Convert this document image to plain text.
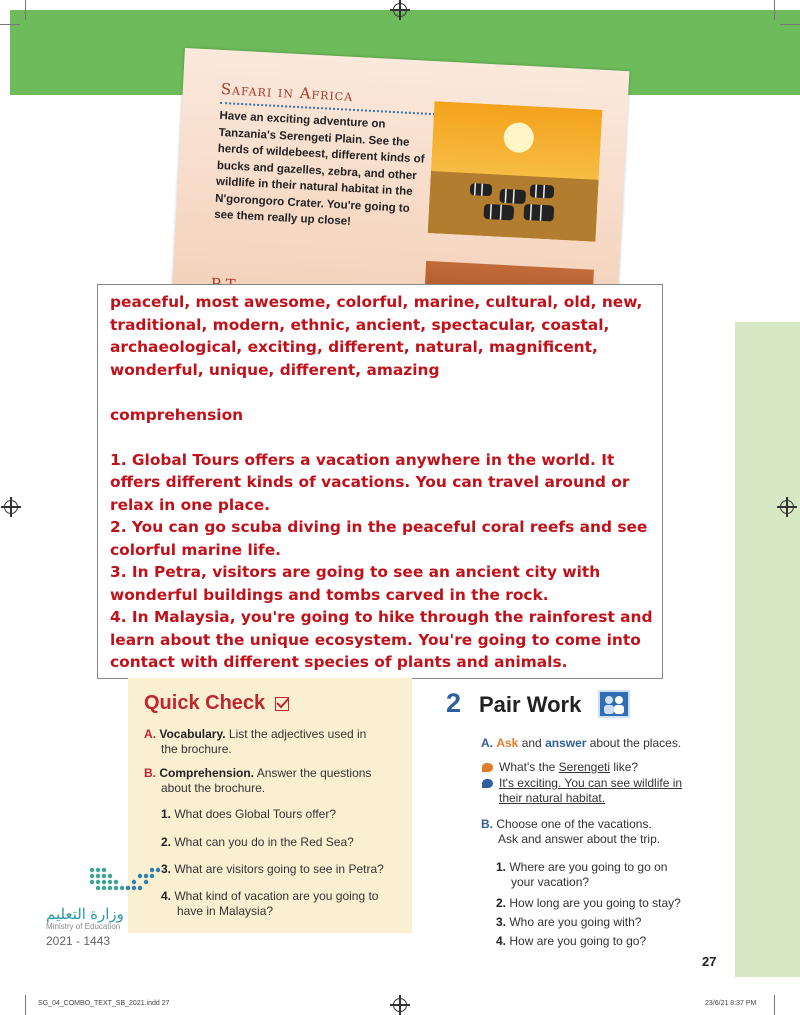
Safari in Africa
Have an exciting adventure on Tanzania's Serengeti Plain. See the herds of wildebeest, different kinds of bucks and gazelles, zebra, and other wildlife in their natural habitat in the N'gorongoro Crater. You're going to see them really up close!

peaceful, most awesome, colorful, marine, cultural, old, new, traditional, modern, ethnic, ancient, spectacular, coastal, archaeological, exciting, different, natural, magnificent, wonderful, unique, different, amazing

comprehension

1. Global Tours offers a vacation anywhere in the world. It offers different kinds of vacations. You can travel around or relax in one place.

2. You can go scuba diving in the peaceful coral reefs and see colorful marine life.

3. In Petra, visitors are going to see an ancient city with wonderful buildings and tombs carved in the rock.

4. In Malaysia, you're going to hike through the rainforest and learn about the unique ecosystem. You're going to come into contact with different species of plants and animals.

Quick Check
A. Vocabulary. List the adjectives used in
the brochure.
B. Comprehension. Answer the questions
about the brochure.
1. What does Global Tours offer?
2. What can you do in the Red Sea?
3. What are visitors going to see in Petra?
4. What kind of vacation are you going to
have in Malaysia?
وزارة التعليم
Ministry of Education
2021 - 1443
2 Pair Work
A. Ask and answer about the places.
What's the Serengeti like?
It's exciting. You can see wildlife in
their natural habitat.
B. Choose one of the vacations.
Ask and answer about the trip.
1. Where are you going to go on
your vacation?
2. How long are you going to stay?
3. Who are you going with?
4. How are you going to go?
27
SG_04_COMBO_TEXT_SB_2021.indd 27	23/6/21 8:37 PM
